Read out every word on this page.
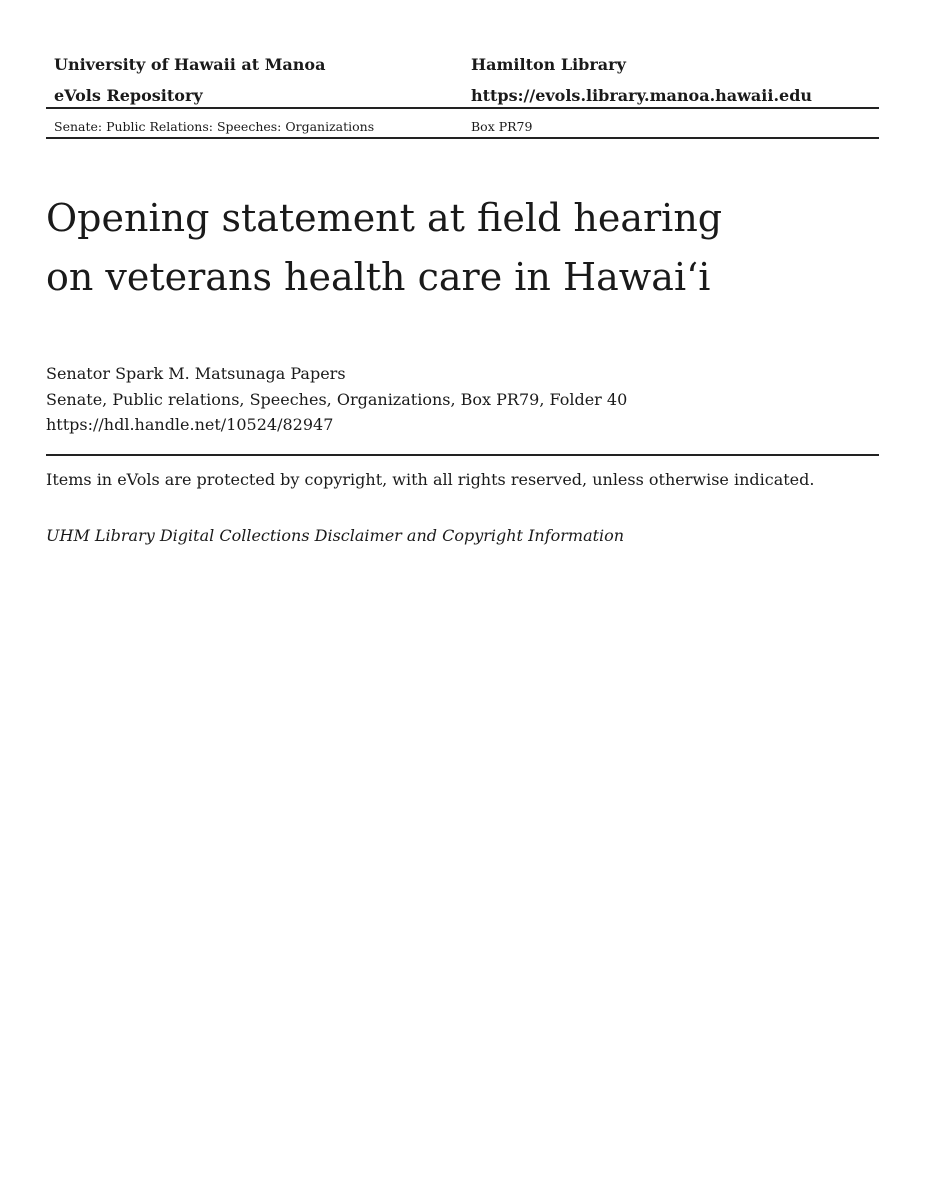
University of Hawaii at Manoa	Hamilton Library
eVols Repository	https://evols.library.manoa.hawaii.edu
Senate: Public Relations: Speeches: Organizations	Box PR79
Opening statement at field hearing
on veterans health care in Hawaiʻi
Senator Spark M. Matsunaga Papers
Senate, Public relations, Speeches, Organizations, Box PR79, Folder 40
https://hdl.handle.net/10524/82947
Items in eVols are protected by copyright, with all rights reserved, unless otherwise indicated.
UHM Library Digital Collections Disclaimer and Copyright Information
